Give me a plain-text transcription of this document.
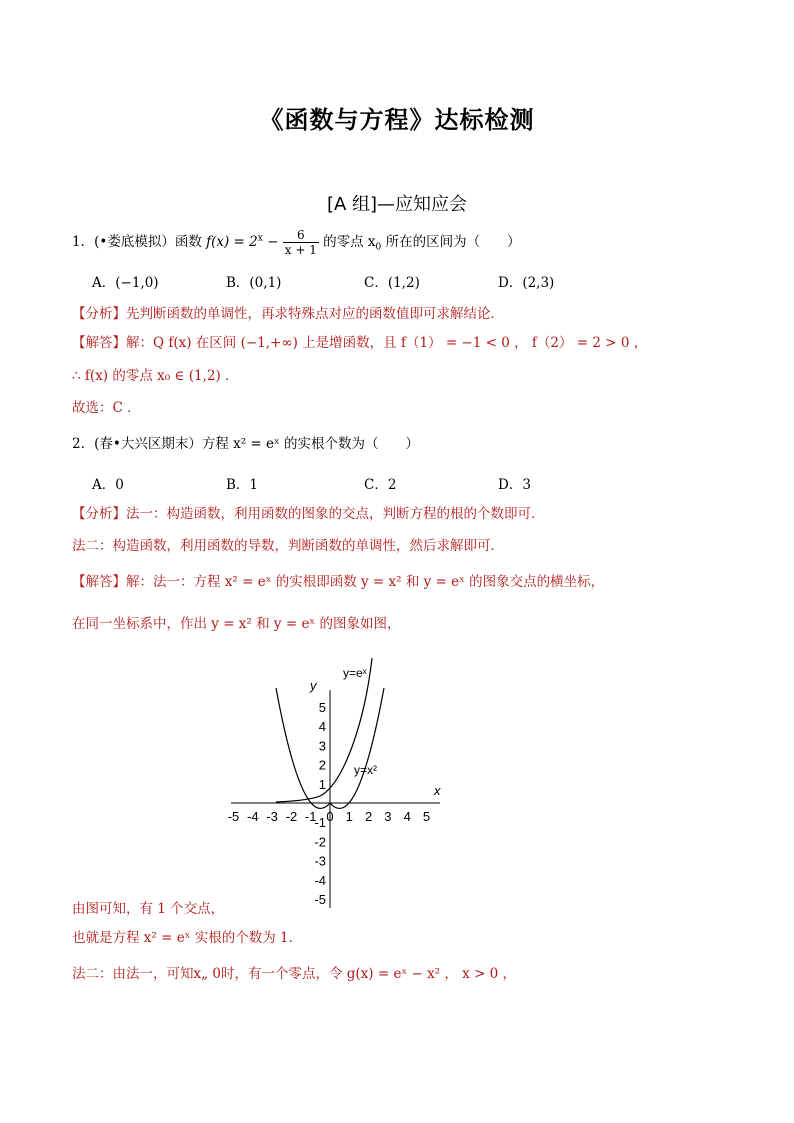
《函数与方程》达标检测
[A 组]—应知应会
1．(•娄底模拟）函数 $f(x) = 2^x - \frac{6}{x + 1}$ 的零点 $x_0$ 所在的区间为（　　）
A．(−1,0)	B．(0,1)	C．(1,2)	D．(2,3)
【分析】先判断函数的单调性，再求特殊点对应的函数值即可求解结论．
【解答】解：Q f(x) 在区间 (−1,+∞) 上是增函数，且 f（1） = −1 < 0 ， f（2） = 2 > 0 ，
∴ f(x) 的零点 x₀ ∈ (1,2) ．
故选：C ．
2．(春•大兴区期末）方程 x² = eˣ 的实根个数为（　　）
A．0	B．1	C．2	D．3
【分析】法一：构造函数，利用函数的图象的交点，判断方程的根的个数即可．
法二：构造函数，利用函数的导数，判断函数的单调性，然后求解即可．
【解答】解：法一：方程 x² = eˣ 的实根即函数 y = x² 和 y = eˣ 的图象交点的横坐标，
在同一坐标系中，作出 y = x² 和 y = eˣ 的图象如图，
-5 -4 -3 -2 -1 0 1 2 3 4 5
1
2
3
4
5
-1
-2
-3
-4
-5
x
y
y=eˣ
y=x²
由图可知，有 1 个交点，
也就是方程 x² = eˣ 实根的个数为 1．
法二：由法一，可知x„ 0时，有一个零点，令 g(x) = eˣ − x² ， x > 0 ，
